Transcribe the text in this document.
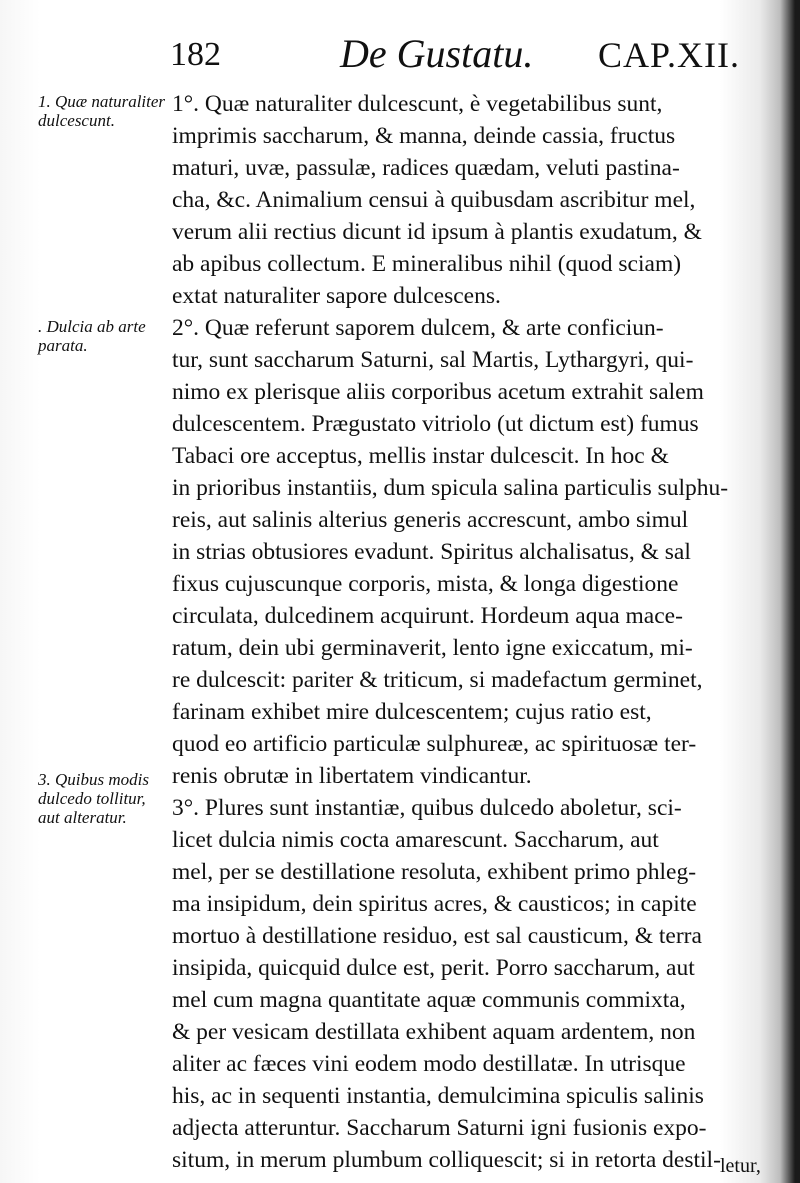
182	De Gustatu. CAP.XII.
1. Quæ naturaliter dulcescunt.
. Dulcia ab arte parata.
3. Quibus modis dulcedo tollitur, aut alteratur.
1°. Quæ naturaliter dulcescunt, è vegetabilibus sunt,
imprimis saccharum, & manna, deinde cassia, fructus
maturi, uvæ, passulæ, radices quædam, veluti pastina-
cha, &c. Animalium censui à quibusdam ascribitur mel,
verum alii rectius dicunt id ipsum à plantis exudatum, &
ab apibus collectum. E mineralibus nihil (quod sciam)
extat naturaliter sapore dulcescens.
2°. Quæ referunt saporem dulcem, & arte conficiun-
tur, sunt saccharum Saturni, sal Martis, Lythargyri, qui-
nimo ex plerisque aliis corporibus acetum extrahit salem
dulcescentem. Prægustato vitriolo (ut dictum est) fumus
Tabaci ore acceptus, mellis instar dulcescit. In hoc &
in prioribus instantiis, dum spicula salina particulis sulphu-
reis, aut salinis alterius generis accrescunt, ambo simul
in strias obtusiores evadunt. Spiritus alchalisatus, & sal
fixus cujuscunque corporis, mista, & longa digestione
circulata, dulcedinem acquirunt. Hordeum aqua mace-
ratum, dein ubi germinaverit, lento igne exiccatum, mi-
re dulcescit: pariter & triticum, si madefactum germinet,
farinam exhibet mire dulcescentem; cujus ratio est,
quod eo artificio particulæ sulphureæ, ac spirituosæ ter-
renis obrutæ in libertatem vindicantur.
3°. Plures sunt instantiæ, quibus dulcedo aboletur, sci-
licet dulcia nimis cocta amarescunt. Saccharum, aut
mel, per se destillatione resoluta, exhibent primo phleg-
ma insipidum, dein spiritus acres, & causticos; in capite
mortuo à destillatione residuo, est sal causticum, & terra
insipida, quicquid dulce est, perit. Porro saccharum, aut
mel cum magna quantitate aquæ communis commixta,
& per vesicam destillata exhibent aquam ardentem, non
aliter ac fæces vini eodem modo destillatæ. In utrisque
his, ac in sequenti instantia, demulcimina spiculis salinis
adjecta atteruntur. Saccharum Saturni igni fusionis expo-
situm, in merum plumbum colliquescit; si in retorta destil- letur,
